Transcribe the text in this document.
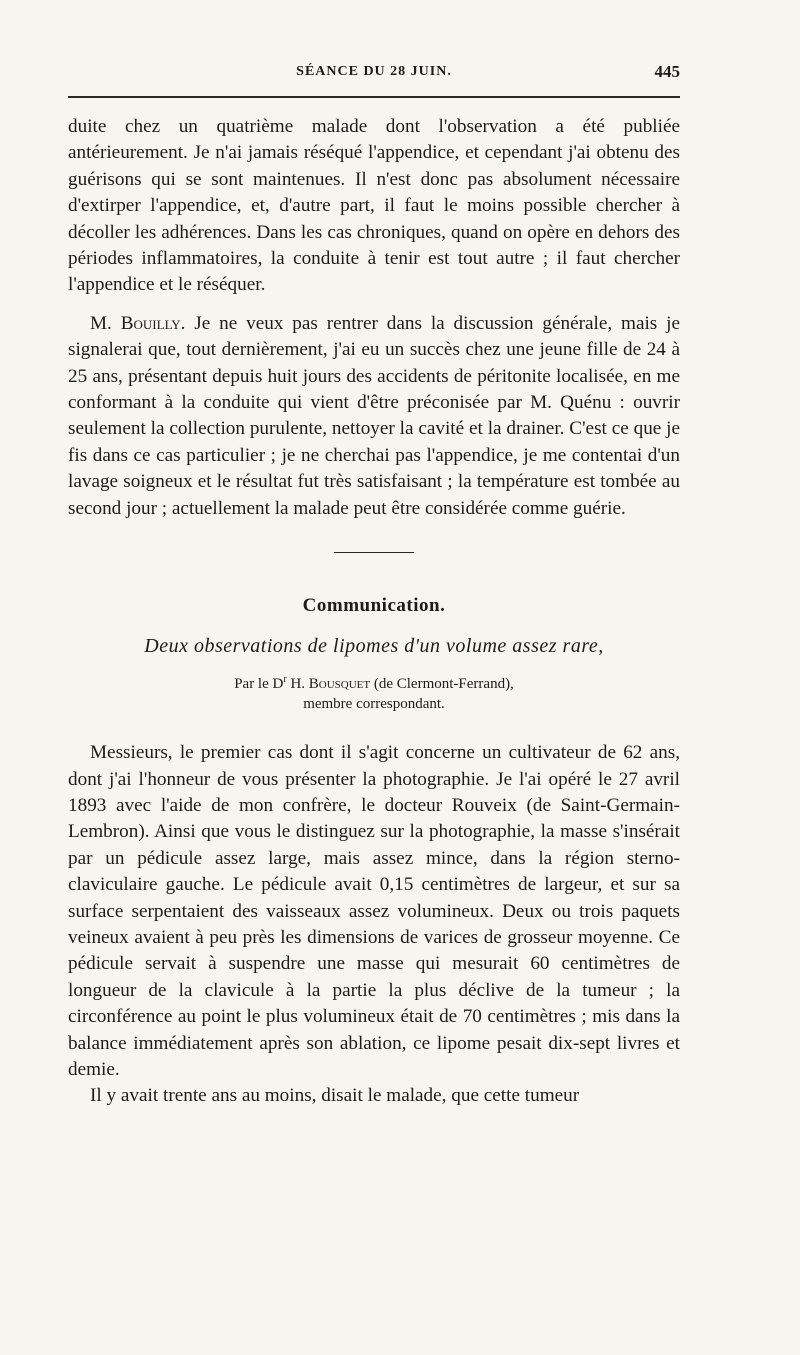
SÉANCE DU 28 JUIN.	445

duite chez un quatrième malade dont l'observation a été publiée antérieurement. Je n'ai jamais réséqué l'appendice, et cependant j'ai obtenu des guérisons qui se sont maintenues. Il n'est donc pas absolument nécessaire d'extirper l'appendice, et, d'autre part, il faut le moins possible chercher à décoller les adhérences. Dans les cas chroniques, quand on opère en dehors des périodes inflammatoires, la conduite à tenir est tout autre ; il faut chercher l'appendice et le réséquer.

M. Bouilly. Je ne veux pas rentrer dans la discussion générale, mais je signalerai que, tout dernièrement, j'ai eu un succès chez une jeune fille de 24 à 25 ans, présentant depuis huit jours des accidents de péritonite localisée, en me conformant à la conduite qui vient d'être préconisée par M. Quénu : ouvrir seulement la collection purulente, nettoyer la cavité et la drainer. C'est ce que je fis dans ce cas particulier ; je ne cherchai pas l'appendice, je me contentai d'un lavage soigneux et le résultat fut très satisfaisant ; la température est tombée au second jour ; actuellement la malade peut être considérée comme guérie.

Communication.
Deux observations de lipomes d'un volume assez rare,
Par le $D^r$ H. Bousquet (de Clermont-Ferrand),
membre correspondant.

Messieurs, le premier cas dont il s'agit concerne un cultivateur de 62 ans, dont j'ai l'honneur de vous présenter la photographie. Je l'ai opéré le 27 avril 1893 avec l'aide de mon confrère, le docteur Rouveix (de Saint-Germain-Lembron). Ainsi que vous le distinguez sur la photographie, la masse s'insérait par un pédicule assez large, mais assez mince, dans la région sterno-claviculaire gauche. Le pédicule avait 0,15 centimètres de largeur, et sur sa surface serpentaient des vaisseaux assez volumineux. Deux ou trois paquets veineux avaient à peu près les dimensions de varices de grosseur moyenne. Ce pédicule servait à suspendre une masse qui mesurait 60 centimètres de longueur de la clavicule à la partie la plus déclive de la tumeur ; la circonférence au point le plus volumineux était de 70 centimètres ; mis dans la balance immédiatement après son ablation, ce lipome pesait dix-sept livres et demie.

Il y avait trente ans au moins, disait le malade, que cette tumeur
